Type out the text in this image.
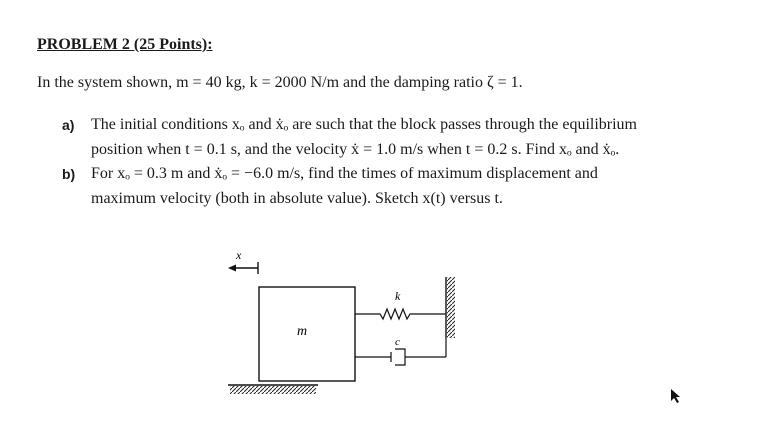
PROBLEM 2 (25 Points):
In the system shown, m = 40 kg, k = 2000 N/m and the damping ratio ζ = 1.
a) The initial conditions xₒ and ẋₒ are such that the block passes through the equilibrium
position when t = 0.1 s, and the velocity ẋ = 1.0 m/s when t = 0.2 s. Find xₒ and ẋₒ.
b) For xₒ = 0.3 m and ẋₒ = −6.0 m/s, find the times of maximum displacement and
maximum velocity (both in absolute value). Sketch x(t) versus t.
x
m
k
c
